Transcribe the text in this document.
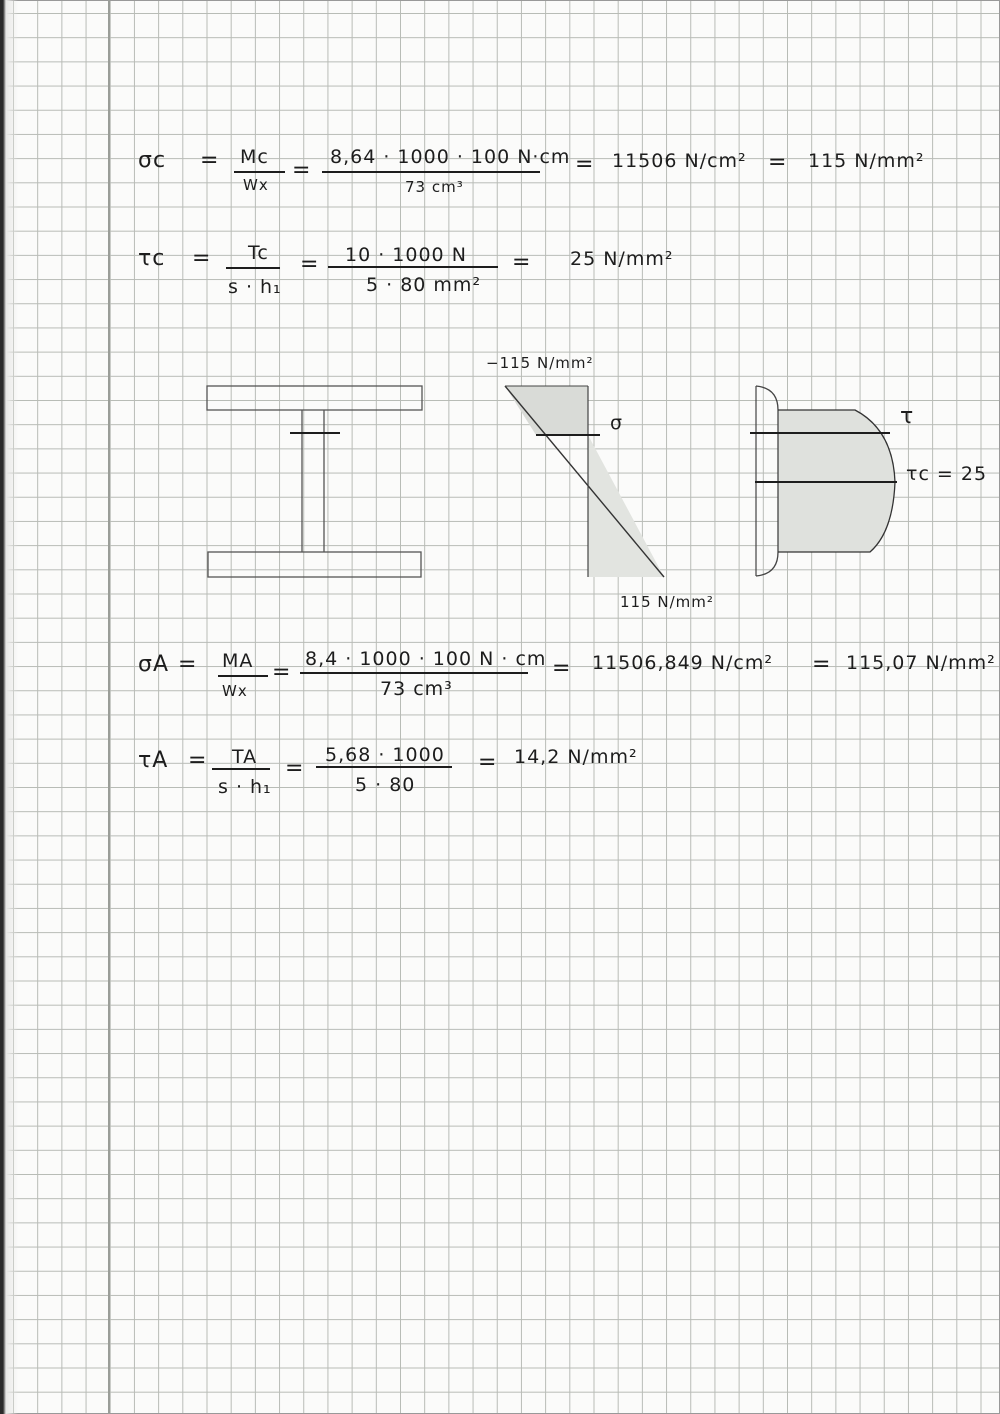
σc = Mc
Wx
=
8,64 · 1000 · 100 N·cm
73 cm³
= 11506 N/cm² = 115 N/mm²
τc = Tc
s · h₁
= 10 · 1000 N
5 · 80 mm²
= 25 N/mm²
−115 N/mm²
σ
115 N/mm²
τ
τc = 25
σA = MA
Wx
=
8,4 · 1000 · 100 N · cm
73 cm³
= 11506,849 N/cm² = 115,07 N/mm²
τA = TA
s · h₁
=
5,68 · 1000
5 · 80
= 14,2 N/mm²
